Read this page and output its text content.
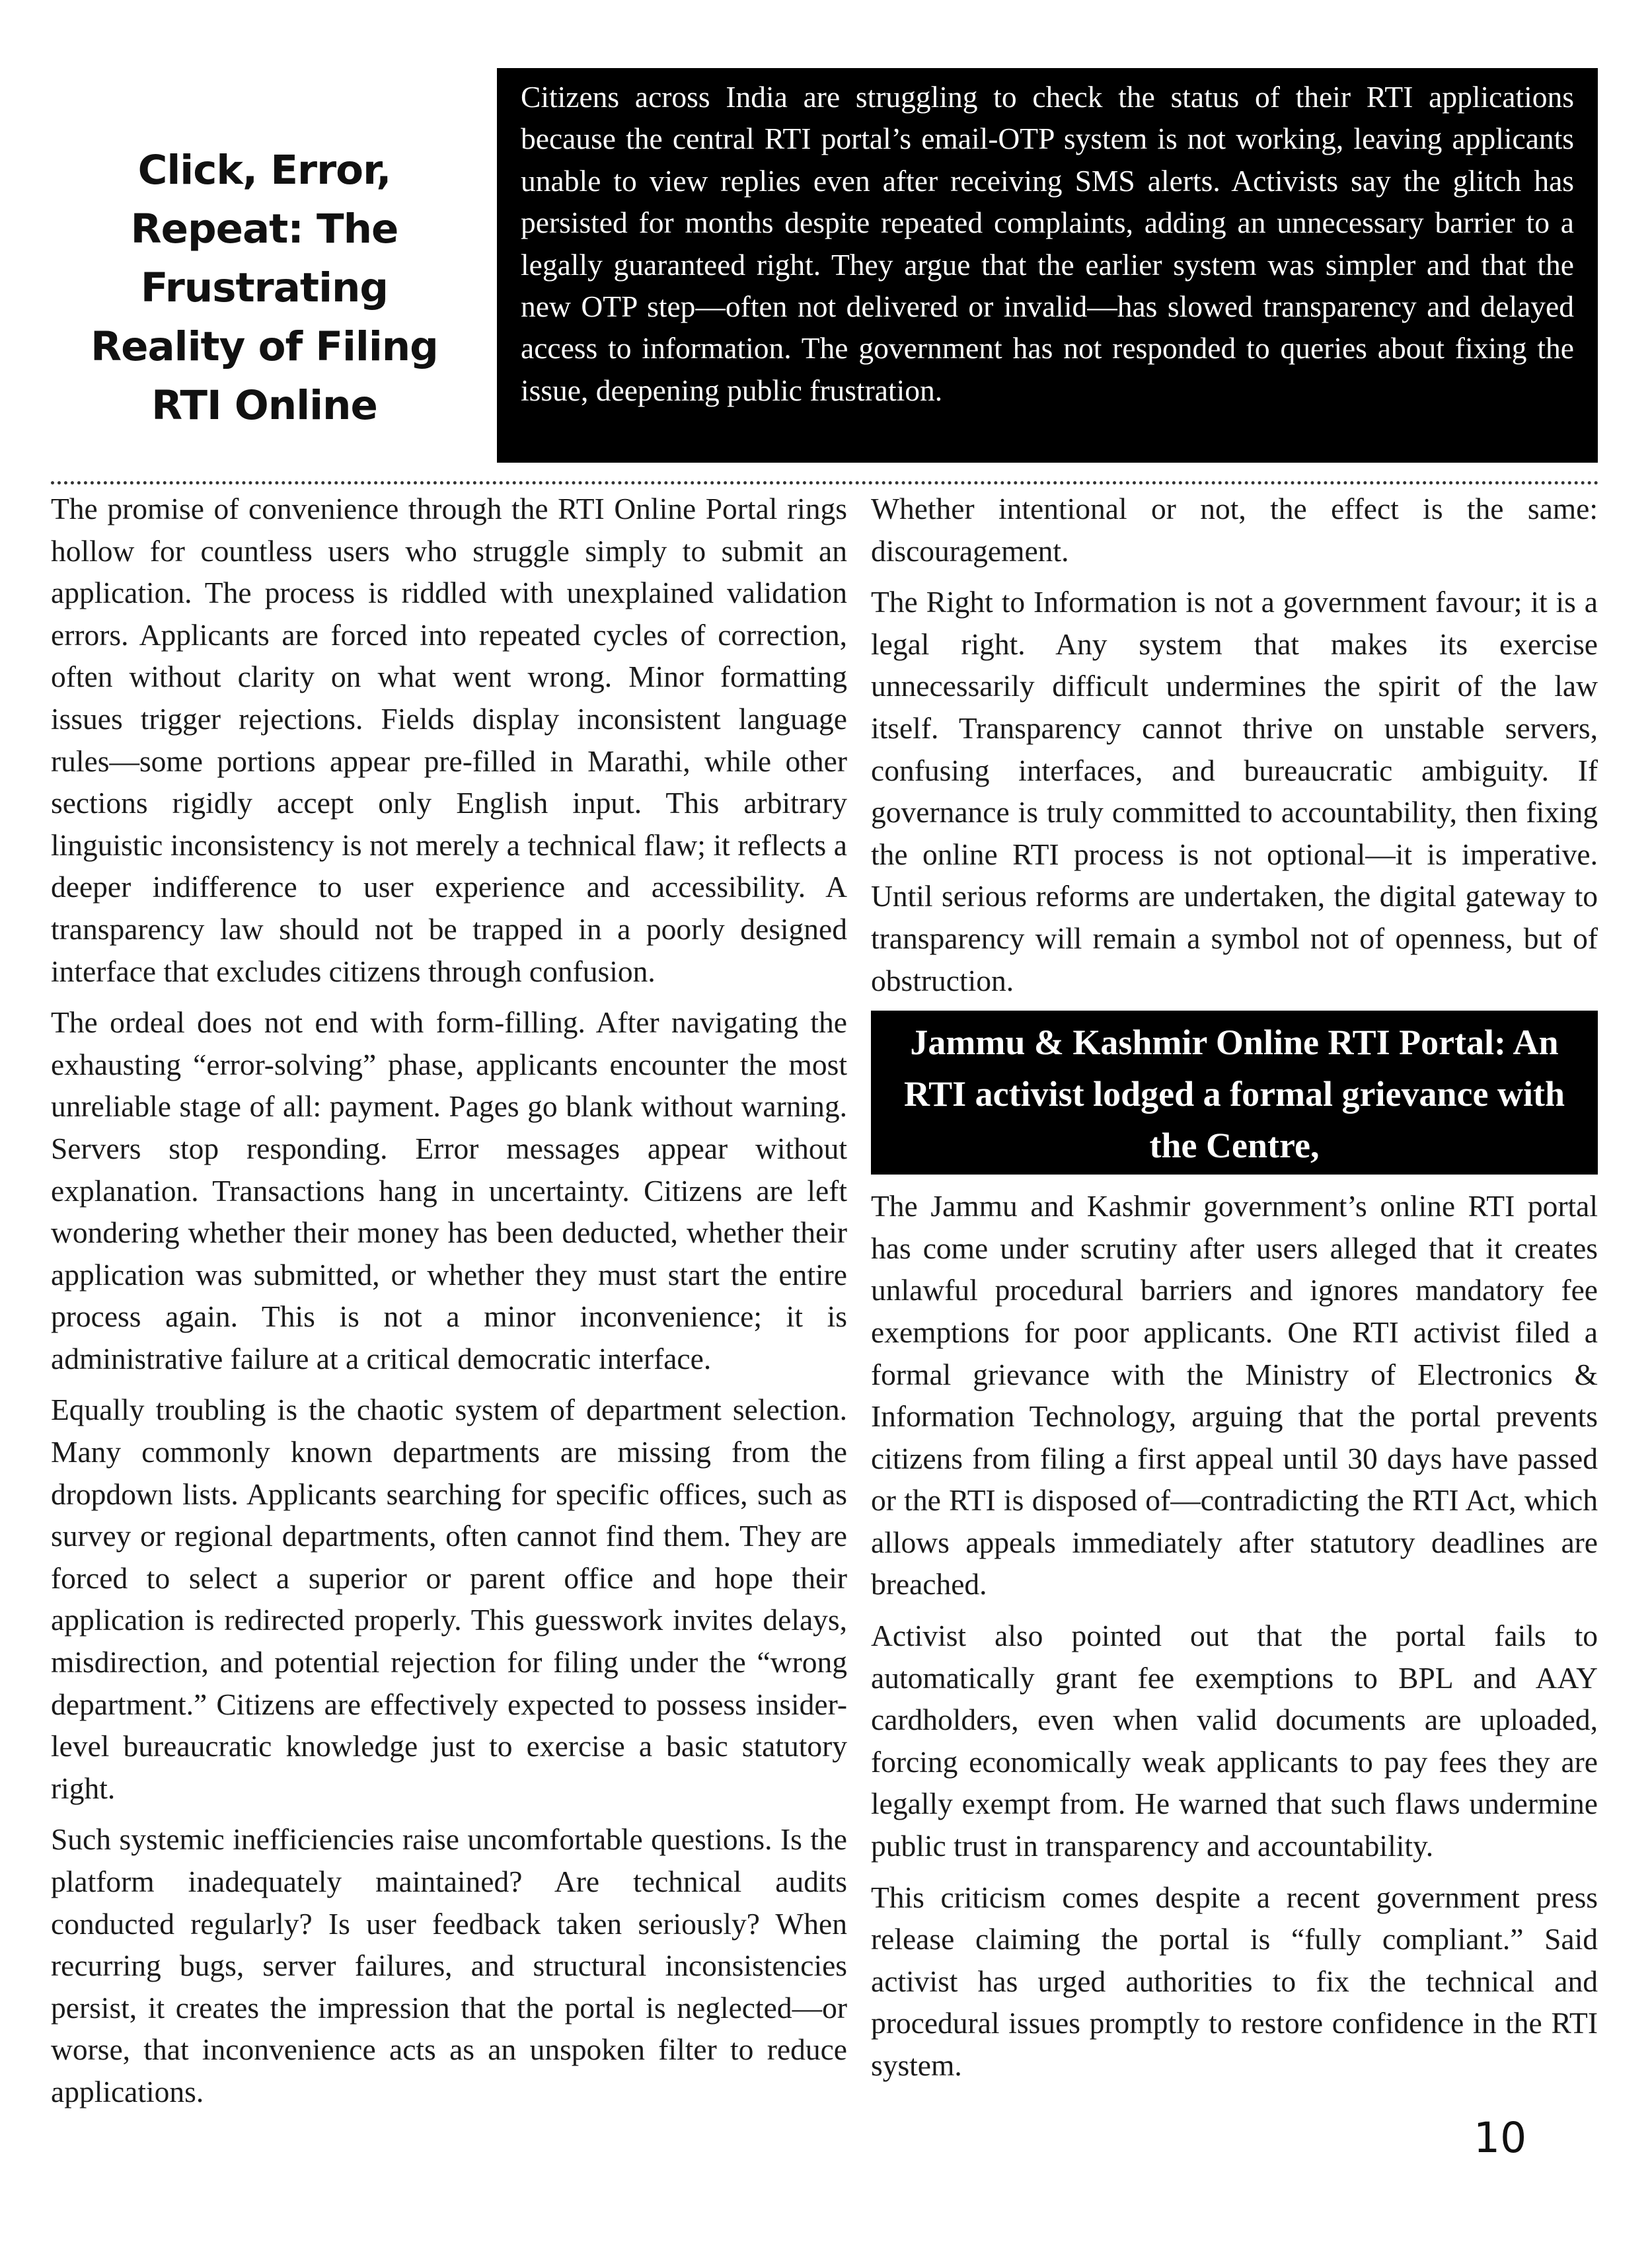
Click, Error, Repeat: The Frustrating Reality of Filing RTI Online
Citizens across India are struggling to check the status of their RTI applications because the central RTI portal’s email-OTP system is not working, leaving applicants unable to view replies even after receiving SMS alerts. Activists say the glitch has persisted for months despite repeated complaints, adding an unnecessary barrier to a legally guaranteed right. They argue that the earlier system was simpler and that the new OTP step—often not delivered or invalid—has slowed transparency and delayed access to information. The government has not responded to queries about fixing the issue, deepening public frustration.

The promise of convenience through the RTI Online Portal rings hollow for countless users who struggle simply to submit an application. The process is riddled with unexplained validation errors. Applicants are forced into repeated cycles of correction, often without clarity on what went wrong. Minor formatting issues trigger rejections. Fields display inconsistent language rules—some portions appear pre-filled in Marathi, while other sections rigidly accept only English input. This arbitrary linguistic inconsistency is not merely a technical flaw; it reflects a deeper indifference to user experience and accessibility. A transparency law should not be trapped in a poorly designed interface that excludes citizens through confusion.

The ordeal does not end with form-filling. After navigating the exhausting “error-solving” phase, applicants encounter the most unreliable stage of all: payment. Pages go blank without warning. Servers stop responding. Error messages appear without explanation. Transactions hang in uncertainty. Citizens are left wondering whether their money has been deducted, whether their application was submitted, or whether they must start the entire process again. This is not a minor inconvenience; it is administrative failure at a critical democratic interface.

Equally troubling is the chaotic system of department selection. Many commonly known departments are missing from the dropdown lists. Applicants searching for specific offices, such as survey or regional departments, often cannot find them. They are forced to select a superior or parent office and hope their application is redirected properly. This guesswork invites delays, misdirection, and potential rejection for filing under the “wrong department.” Citizens are effectively expected to possess insider-level bureaucratic knowledge just to exercise a basic statutory right.

Such systemic inefficiencies raise uncomfortable questions. Is the platform inadequately maintained? Are technical audits conducted regularly? Is user feedback taken seriously? When recurring bugs, server failures, and structural inconsistencies persist, it creates the impression that the portal is neglected—or worse, that inconvenience acts as an unspoken filter to reduce applications.

Whether intentional or not, the effect is the same: discouragement.

The Right to Information is not a government favour; it is a legal right. Any system that makes its exercise unnecessarily difficult undermines the spirit of the law itself. Transparency cannot thrive on unstable servers, confusing interfaces, and bureaucratic ambiguity. If governance is truly committed to accountability, then fixing the online RTI process is not optional—it is imperative. Until serious reforms are undertaken, the digital gateway to transparency will remain a symbol not of openness, but of obstruction.

Jammu & Kashmir Online RTI Portal: An RTI activist lodged a formal grievance with the Centre,

The Jammu and Kashmir government’s online RTI portal has come under scrutiny after users alleged that it creates unlawful procedural barriers and ignores mandatory fee exemptions for poor applicants. One RTI activist filed a formal grievance with the Ministry of Electronics & Information Technology, arguing that the portal prevents citizens from filing a first appeal until 30 days have passed or the RTI is disposed of—contradicting the RTI Act, which allows appeals immediately after statutory deadlines are breached.

Activist also pointed out that the portal fails to automatically grant fee exemptions to BPL and AAY cardholders, even when valid documents are uploaded, forcing economically weak applicants to pay fees they are legally exempt from. He warned that such flaws undermine public trust in transparency and accountability.

This criticism comes despite a recent government press release claiming the portal is “fully compliant.” Said activist has urged authorities to fix the technical and procedural issues promptly to restore confidence in the RTI system.

10
